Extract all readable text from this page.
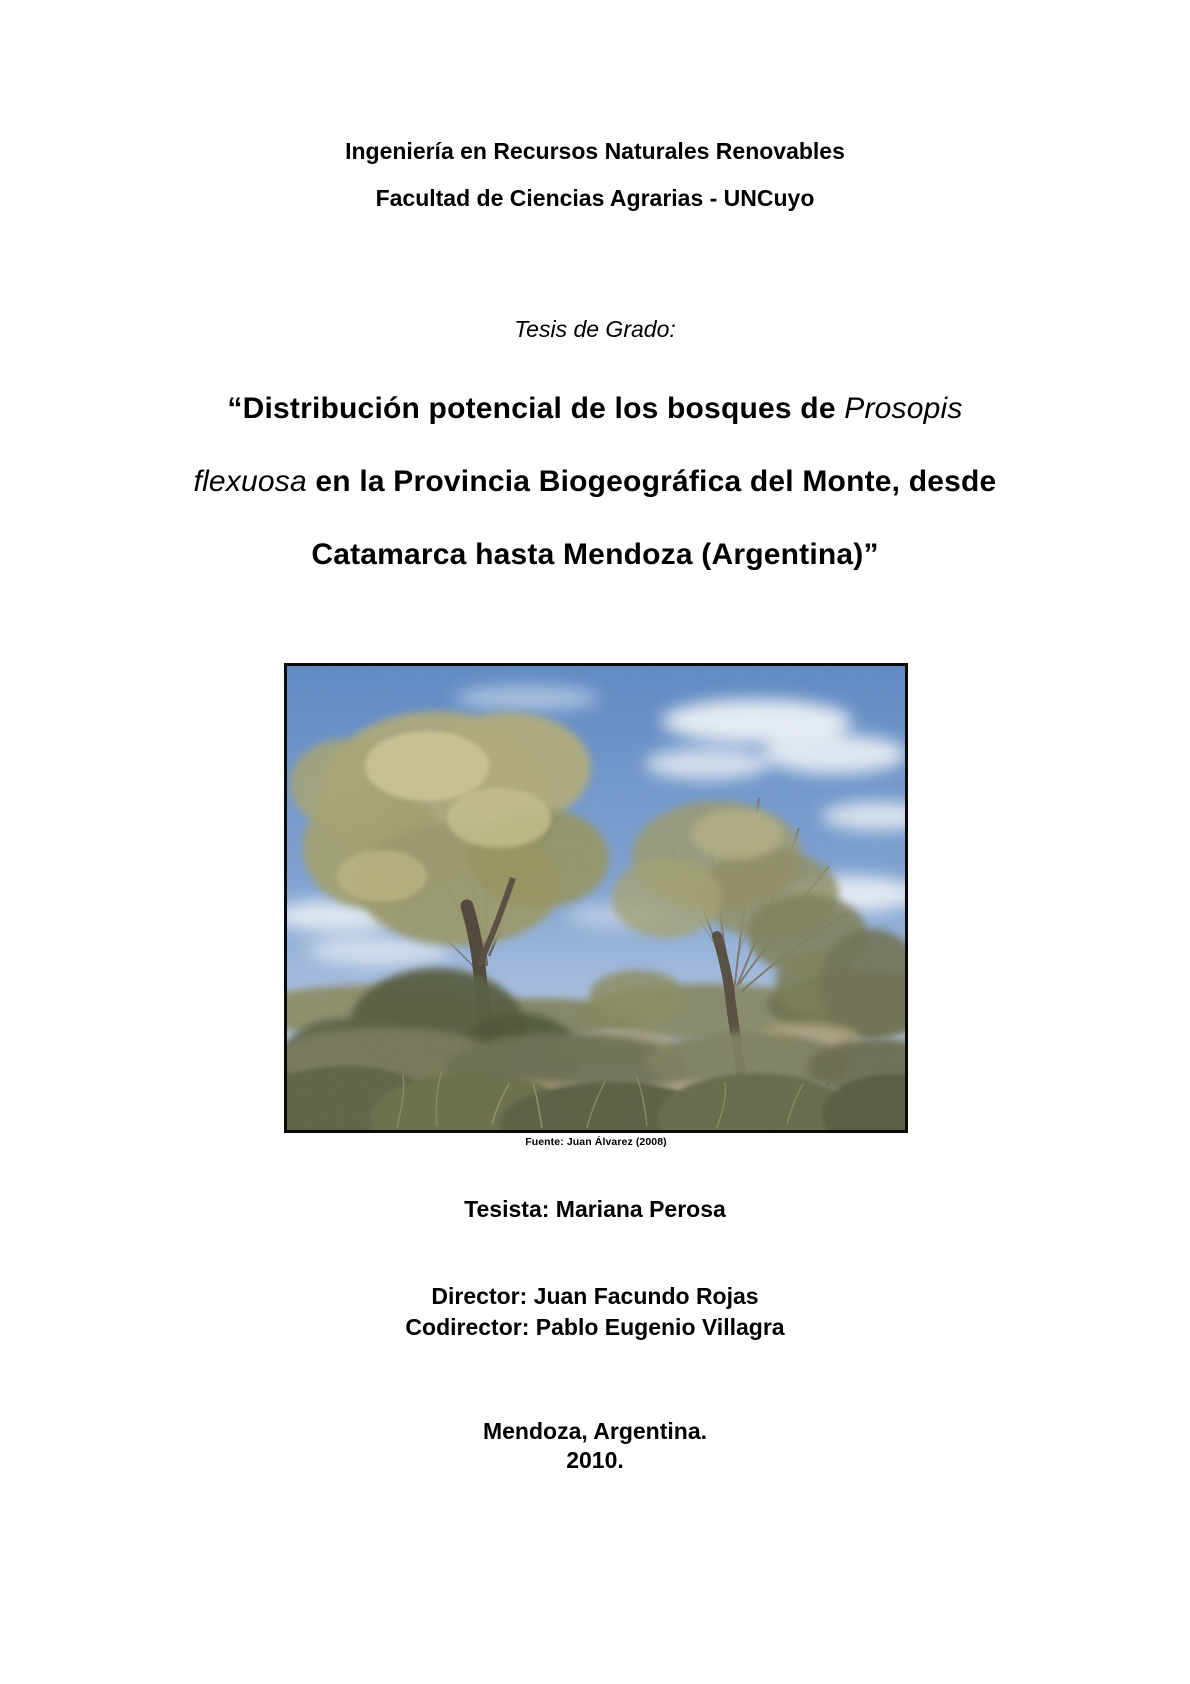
Ingeniería en Recursos Naturales Renovables
Facultad de Ciencias Agrarias - UNCuyo
Tesis de Grado:
“Distribución potencial de los bosques de Prosopis
flexuosa en la Provincia Biogeográfica del Monte, desde
Catamarca hasta Mendoza (Argentina)”
Fuente: Juan Álvarez (2008)
Tesista: Mariana Perosa
Director: Juan Facundo Rojas
Codirector: Pablo Eugenio Villagra
Mendoza, Argentina.
2010.
